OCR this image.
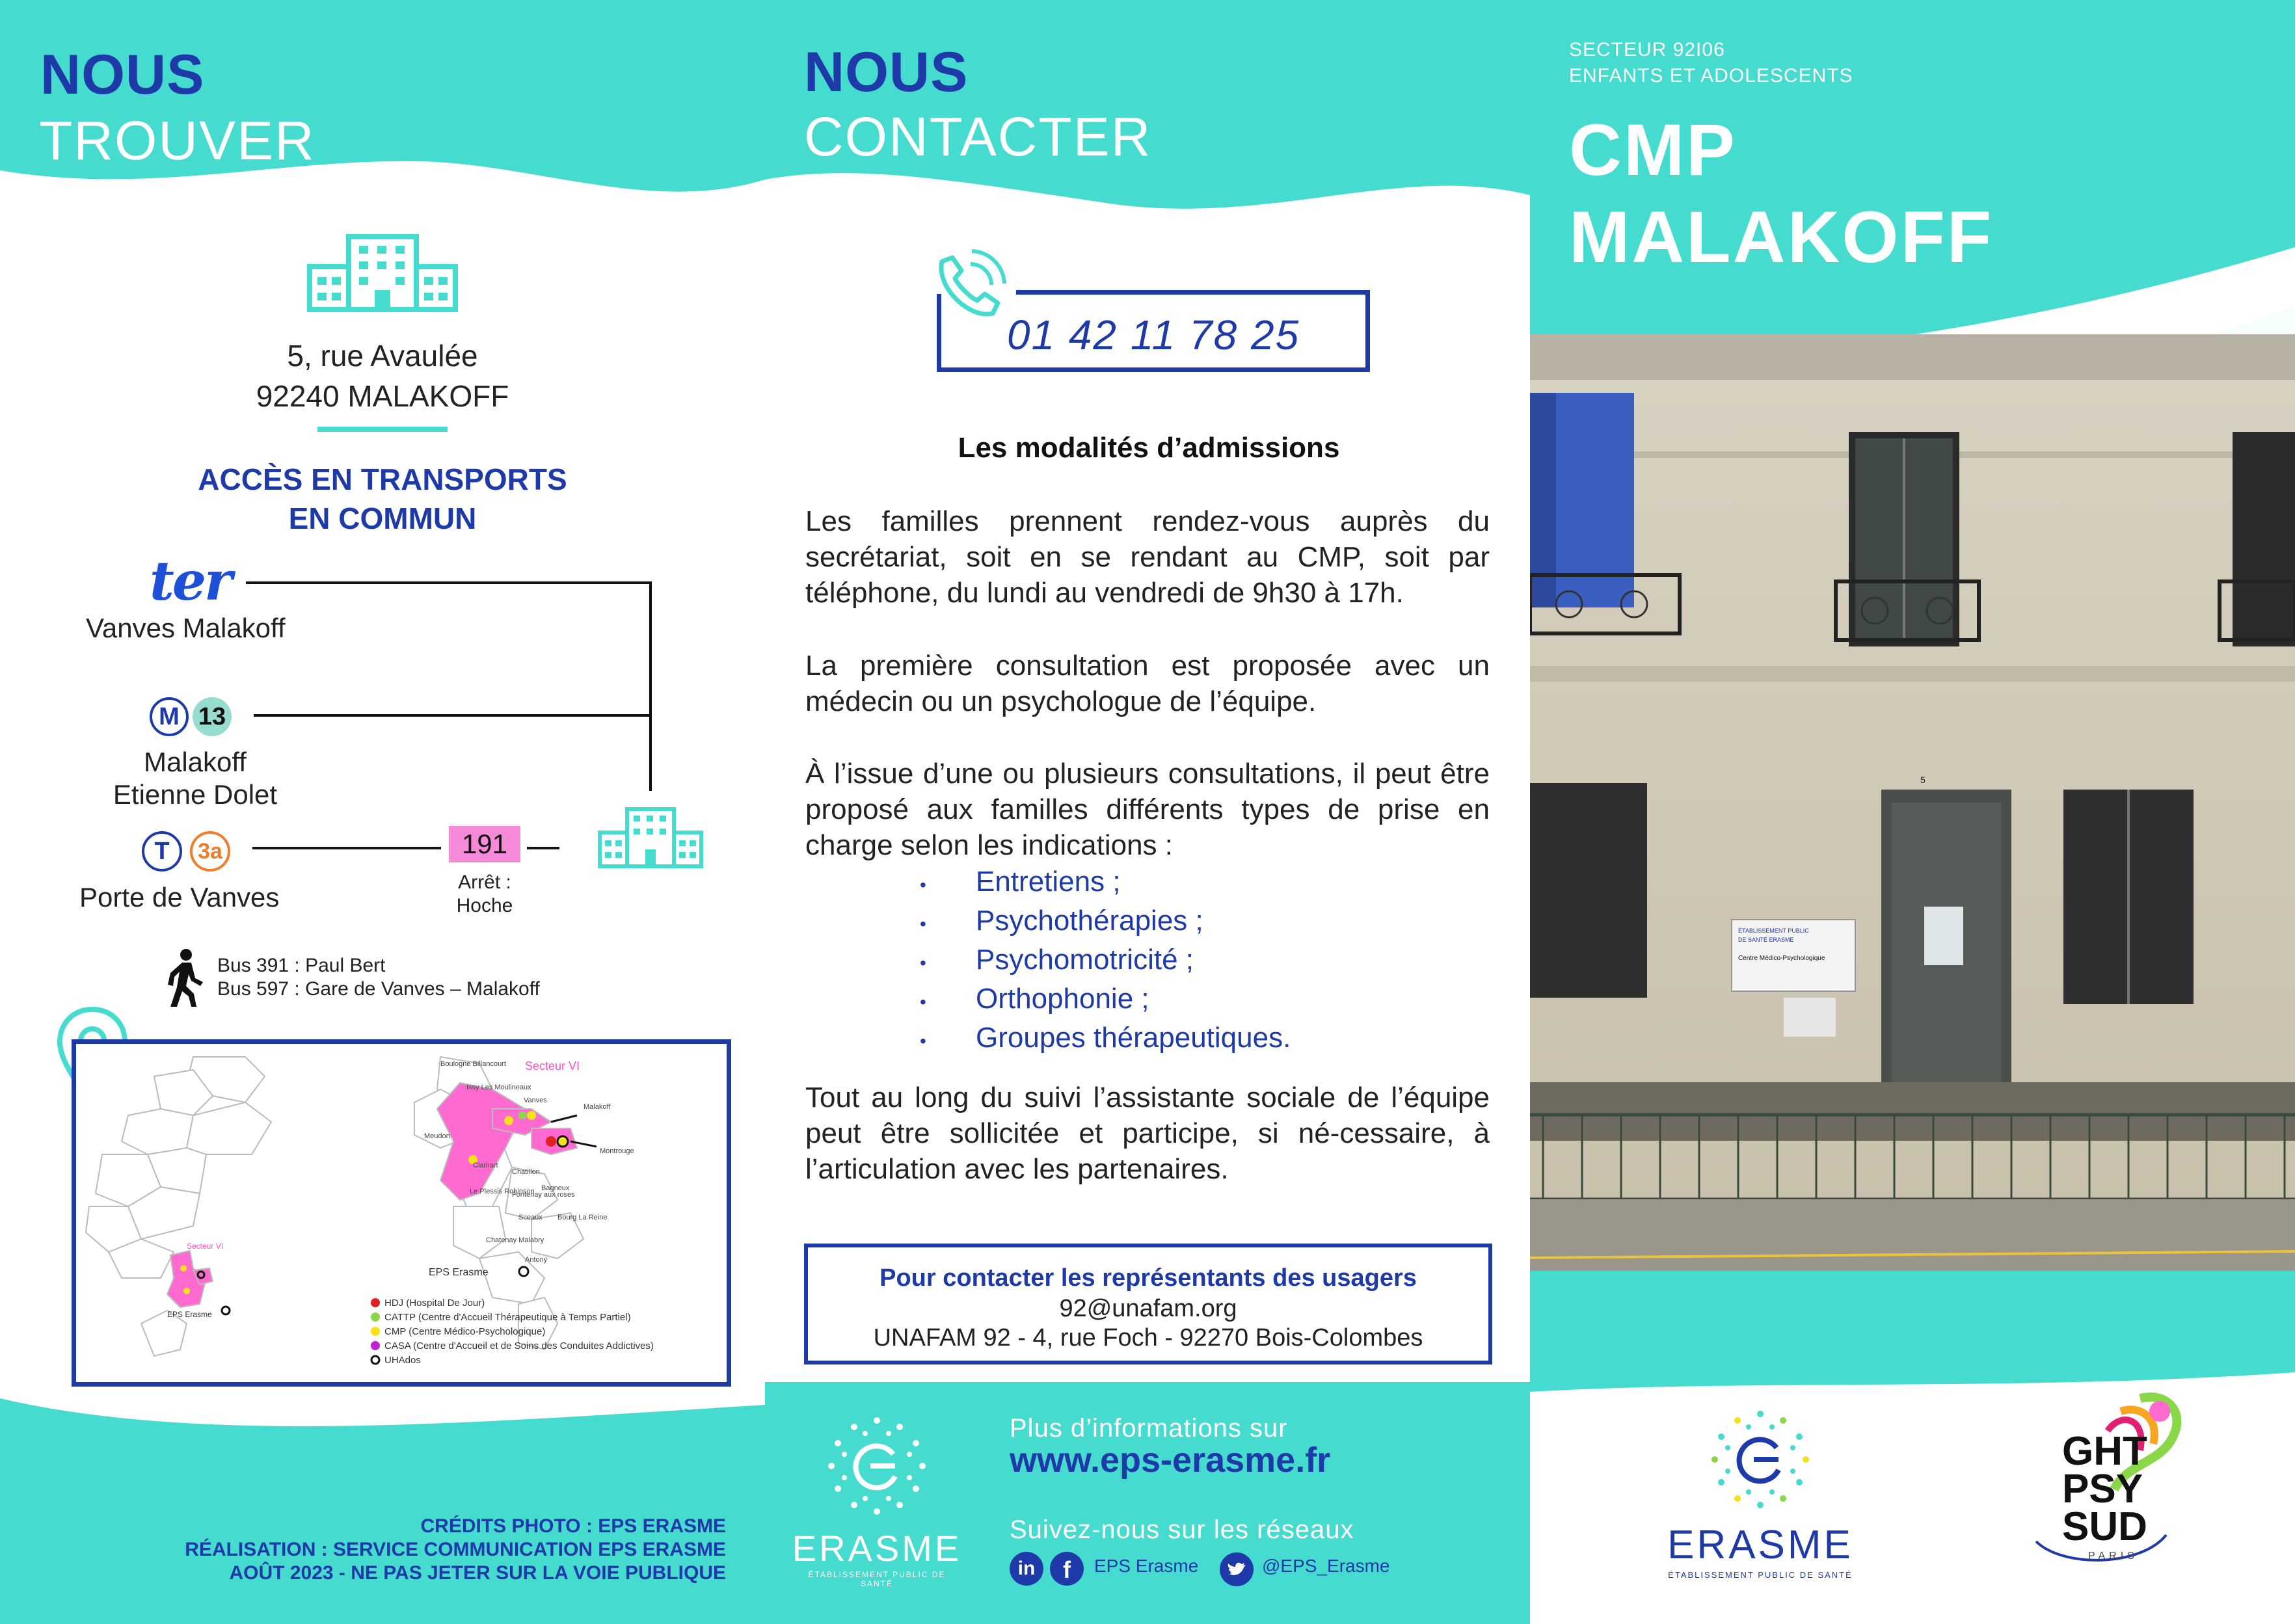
NOUS
TROUVER
5, rue Avaulée
92240 MALAKOFF
ACCÈS EN TRANSPORTS
EN COMMUN
ter
Vanves Malakoff
M 13
Malakoff
Etienne Dolet
T	3a
Porte de Vanves
191
Arrêt :
Hoche
Bus 391 : Paul Bert
Bus 597 : Gare de Vanves – Malakoff
EPS Erasme
Secteur VI
Secteur VI
EPS Erasme
Boulogne Billancourt
Issy Les Moulineaux
Vanves
Malakoff
Montrouge
Meudon
Clamart
Chatillon
Bagneux
Fontenay aux roses
Le Plessis Robinson
Sceaux Bourg La Reine
Chatenay Malabry
Antony
HDJ (Hospital De Jour)
CATTP (Centre d'Accueil Thérapeutique à Temps Partiel)
CMP (Centre Médico-Psychologique)
CASA (Centre d'Accueil et de Soins des Conduites Addictives)
UHAdos
CRÉDITS PHOTO : EPS ERASME
RÉALISATION : SERVICE COMMUNICATION EPS ERASME
AOÛT 2023 - NE PAS JETER SUR LA VOIE PUBLIQUE
NOUS
CONTACTER
01 42 11 78 25
Les modalités d’admissions
Les familles prennent rendez-vous auprès du secrétariat, soit en se rendant au CMP, soit par téléphone, du lundi au vendredi de 9h30 à 17h.
La première consultation est proposée avec un médecin ou un psychologue de l’équipe.
À l’issue d’une ou plusieurs consultations, il peut être proposé aux familles différents types de prise en charge selon les indications :
• Entretiens ;
• Psychothérapies ;
• Psychomotricité ;
• Orthophonie ;
• Groupes thérapeutiques.
Tout au long du suivi l’assistante sociale de l’équipe peut être sollicitée et participe, si né-cessaire, à l’articulation avec les partenaires.
Pour contacter les représentants des usagers
92@unafam.org
UNAFAM 92 - 4, rue Foch - 92270 Bois-Colombes
ERASME
ÉTABLISSEMENT PUBLIC DE SANTÉ
Plus d’informations sur
www.eps-erasme.fr
Suivez-nous sur les réseaux
in	f	EPS Erasme	@EPS_Erasme
SECTEUR 92I06
ENFANTS ET ADOLESCENTS
CMP
MALAKOFF
5
ÉTABLISSEMENT PUBLIC
DE SANTÉ ERASME
Centre Médico-Psychologique
ERASME
ÉTABLISSEMENT PUBLIC DE SANTÉ
GHT
PSY
SUD
PARIS
